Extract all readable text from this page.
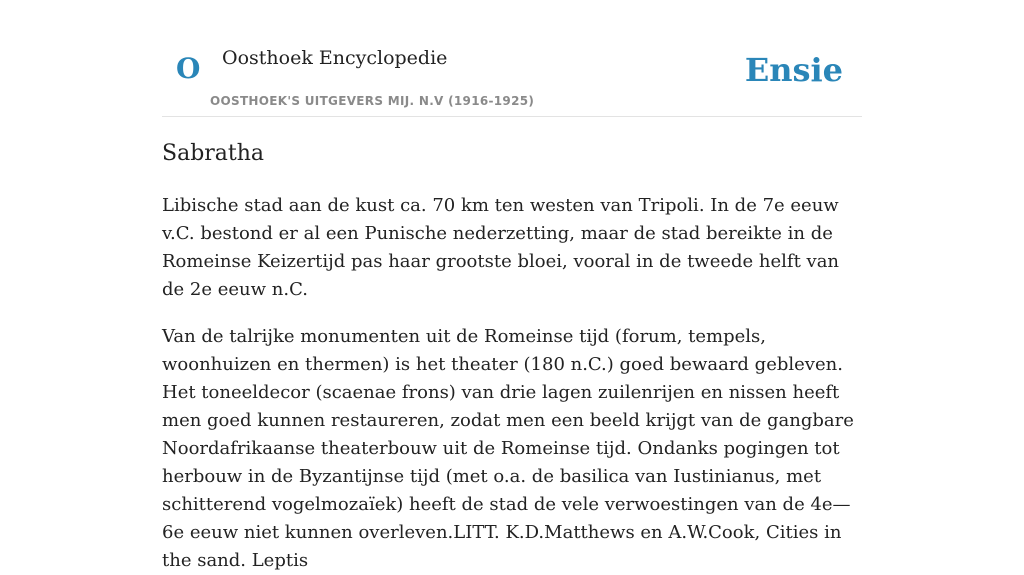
O Oosthoek Encyclopedie
OOSTHOEK'S UITGEVERS MIJ. N.V (1916-1925)
Ensie
Sabratha

Libische stad aan de kust ca. 70 km ten westen van Tripoli. In de 7e eeuw v.C. bestond er al een Punische nederzetting, maar de stad bereikte in de Romeinse Keizertijd pas haar grootste bloei, vooral in de tweede helft van de 2e eeuw n.C.

Van de talrijke monumenten uit de Romeinse tijd (forum, tempels, woonhuizen en thermen) is het theater (180 n.C.) goed bewaard gebleven. Het toneeldecor (scaenae frons) van drie lagen zuilenrijen en nissen heeft men goed kunnen restaureren, zodat men een beeld krijgt van de gangbare Noordafrikaanse theaterbouw uit de Romeinse tijd. Ondanks pogingen tot herbouw in de Byzantijnse tijd (met o.a. de basilica van Iustinianus, met schitterend vogelmozaïek) heeft de stad de vele verwoestingen van de 4e—6e eeuw niet kunnen overleven.LITT. K.D.Matthews en A.W.Cook, Cities in the sand. Leptis
